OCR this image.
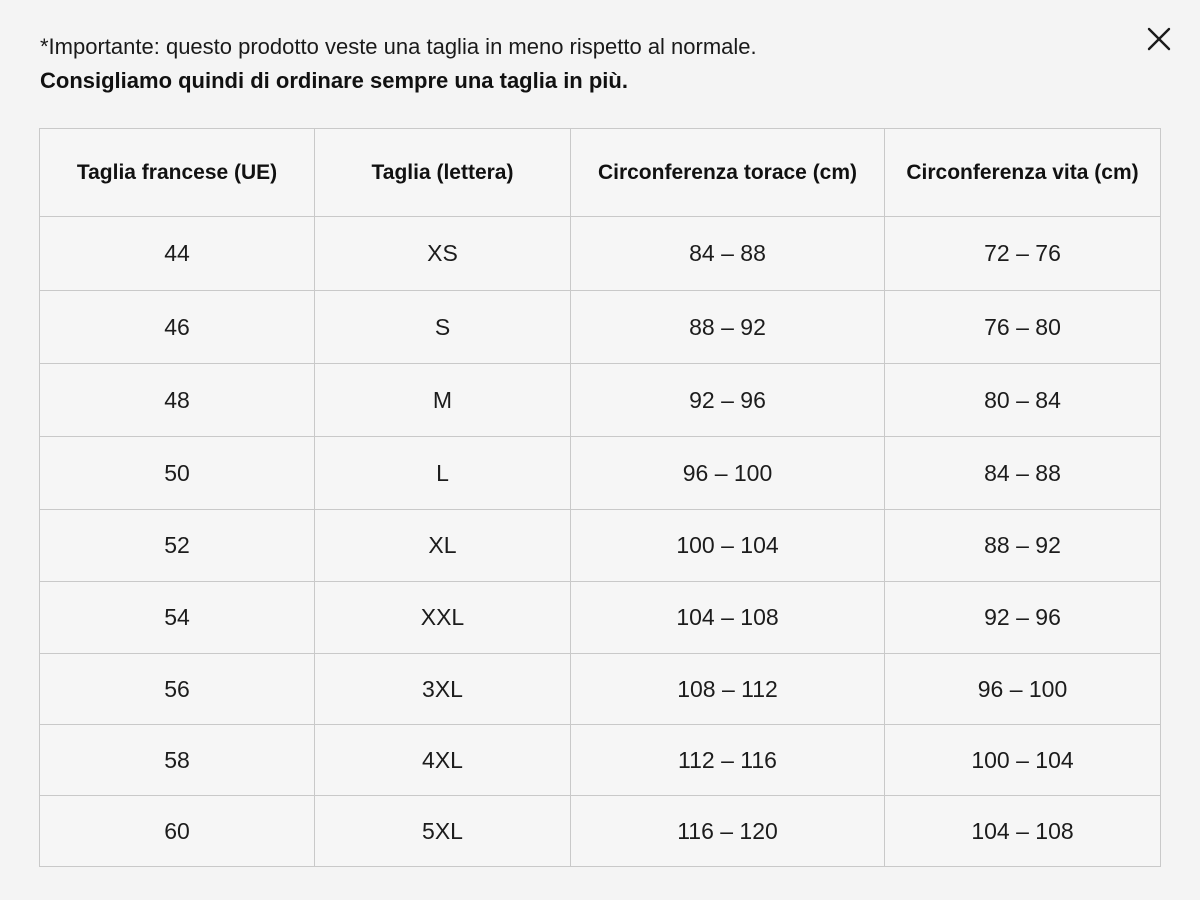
*Importante: questo prodotto veste una taglia in meno rispetto al normale.
Consigliamo quindi di ordinare sempre una taglia in più.
Taglia francese (UE)	Taglia (lettera)	Circonferenza torace (cm)	Circonferenza vita (cm)
44	XS	84 – 88	72 – 76
46	S	88 – 92	76 – 80
48	M	92 – 96	80 – 84
50	L	96 – 100	84 – 88
52	XL	100 – 104	88 – 92
54	XXL	104 – 108	92 – 96
56	3XL	108 – 112	96 – 100
58	4XL	112 – 116	100 – 104
60	5XL	116 – 120	104 – 108
